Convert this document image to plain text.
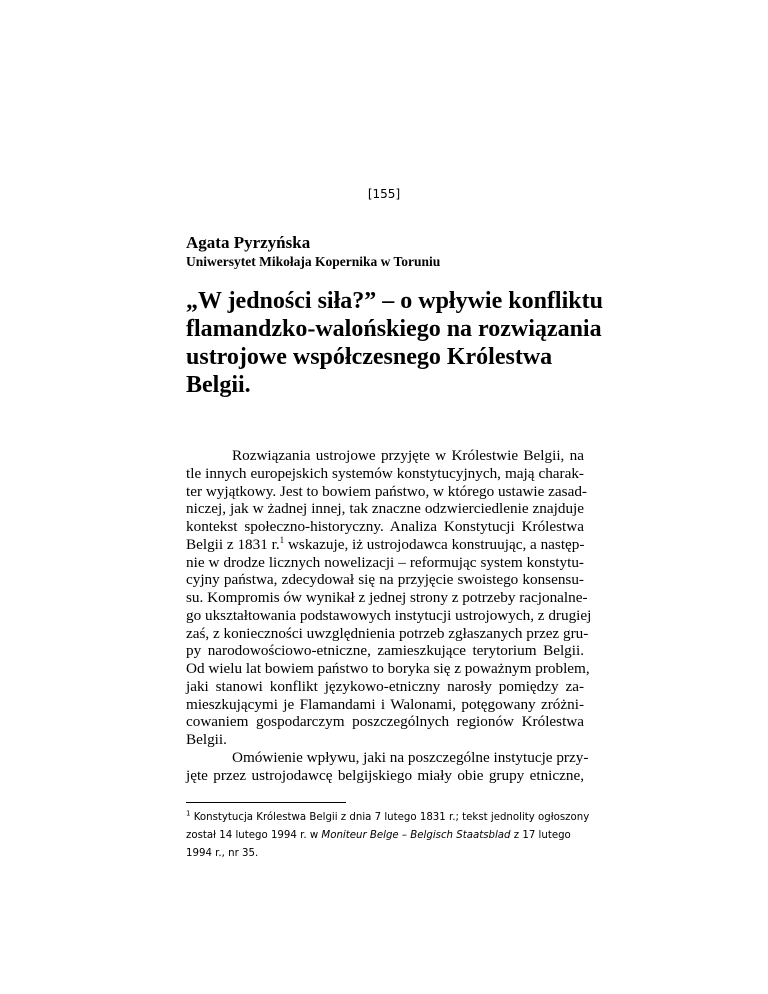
[155]
Agata Pyrzyńska
Uniwersytet Mikołaja Kopernika w Toruniu
„W jedności siła?” – o wpływie konfliktu
flamandzko-walońskiego na rozwiązania
ustrojowe współczesnego Królestwa
Belgii.
Rozwiązania ustrojowe przyjęte w Królestwie Belgii, na
tle innych europejskich systemów konstytucyjnych, mają charak-
ter wyjątkowy. Jest to bowiem państwo, w którego ustawie zasad-
niczej, jak w żadnej innej, tak znaczne odzwierciedlenie znajduje
kontekst społeczno-historyczny. Analiza Konstytucji Królestwa
Belgii z 1831 r.$^1$ wskazuje, iż ustrojodawca konstruując, a następ-
nie w drodze licznych nowelizacji – reformując system konstytu-
cyjny państwa, zdecydował się na przyjęcie swoistego konsensu-
su. Kompromis ów wynikał z jednej strony z potrzeby racjonalne-
go ukształtowania podstawowych instytucji ustrojowych, z drugiej
zaś, z konieczności uwzględnienia potrzeb zgłaszanych przez gru-
py narodowościowo-etniczne, zamieszkujące terytorium Belgii.
Od wielu lat bowiem państwo to boryka się z poważnym problem,
jaki stanowi konflikt językowo-etniczny narosły pomiędzy za-
mieszkującymi je Flamandami i Walonami, potęgowany zróżni-
cowaniem gospodarczym poszczególnych regionów Królestwa
Belgii.
Omówienie wpływu, jaki na poszczególne instytucje przy-
jęte przez ustrojodawcę belgijskiego miały obie grupy etniczne,
$^1$ Konstytucja Królestwa Belgii z dnia 7 lutego 1831 r.; tekst jednolity ogłoszony
został 14 lutego 1994 r. w Moniteur Belge – Belgisch Staatsblad z 17 lutego
1994 r., nr 35.
